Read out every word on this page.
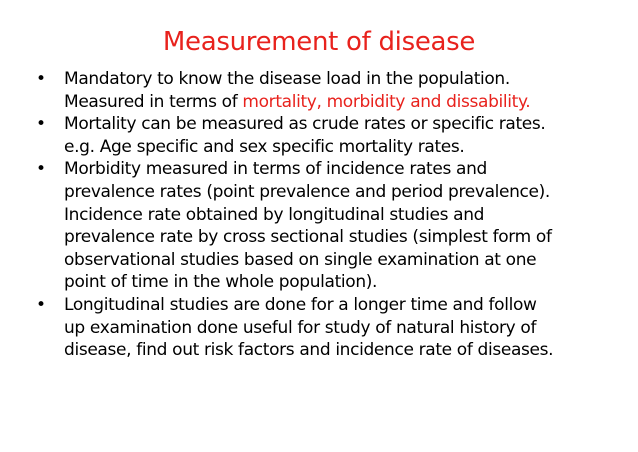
Measurement of disease
• Mandatory to know the disease load in the population.
Measured in terms of mortality, morbidity and dissability.
• Mortality can be measured as crude rates or specific rates.
e.g. Age specific and sex specific mortality rates.
• Morbidity measured in terms of incidence rates and
prevalence rates (point prevalence and period prevalence).
Incidence rate obtained by longitudinal studies and
prevalence rate by cross sectional studies (simplest form of
observational studies based on single examination at one
point of time in the whole population).
• Longitudinal studies are done for a longer time and follow
up examination done useful for study of natural history of
disease, find out risk factors and incidence rate of diseases.
